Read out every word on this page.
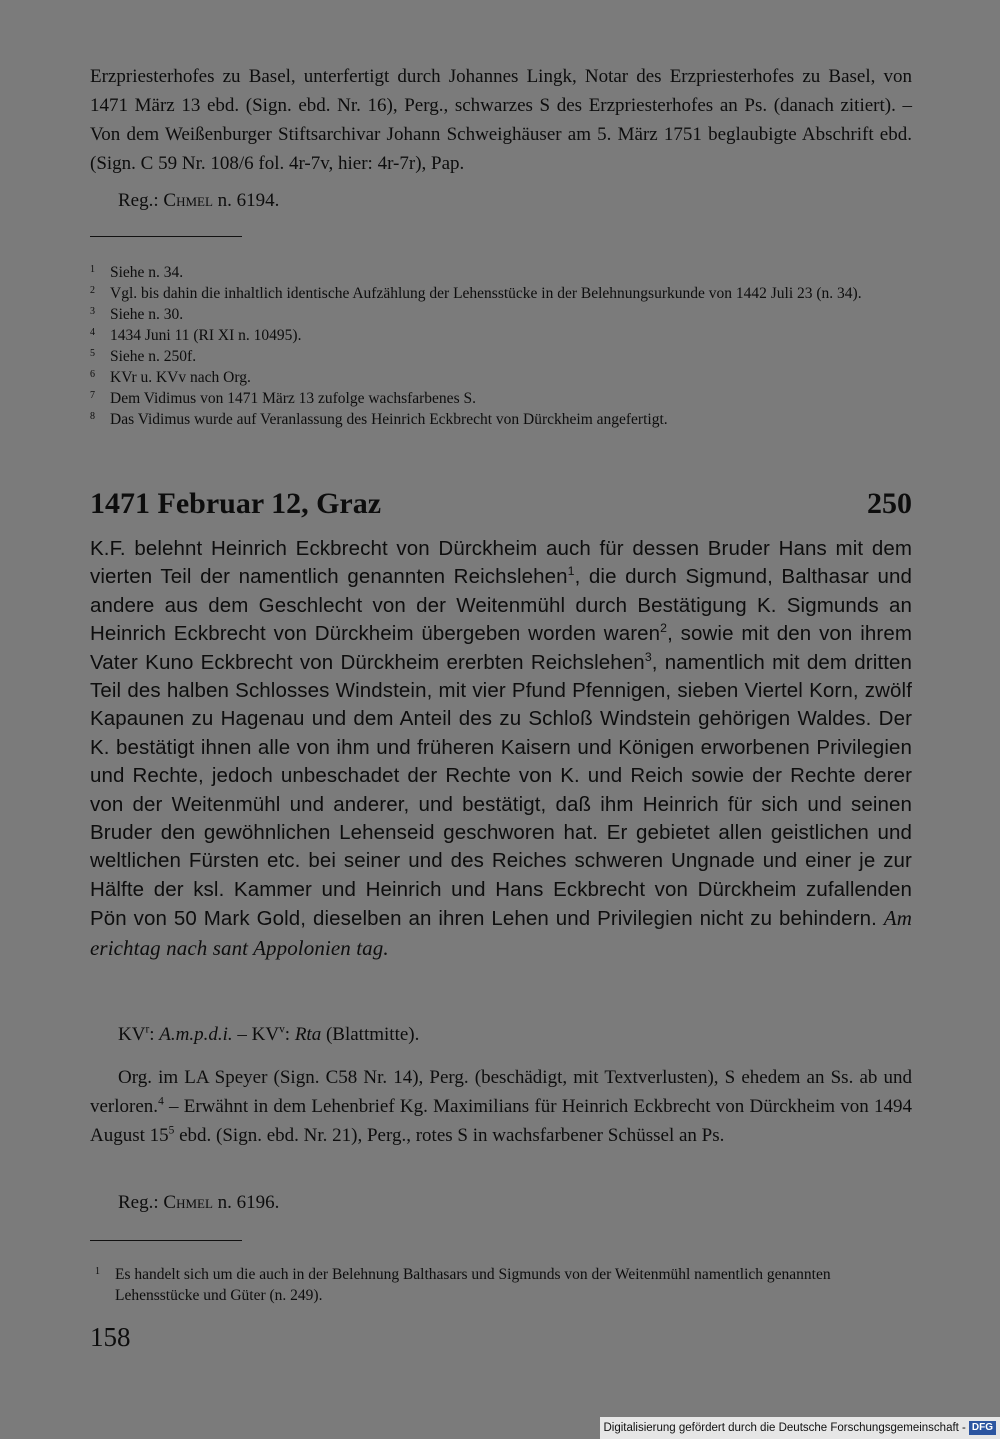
Erzpriesterhofes zu Basel, unterfertigt durch Johannes Lingk, Notar des Erzpriesterhofes zu Basel, von 1471 März 13 ebd. (Sign. ebd. Nr. 16), Perg., schwarzes S des Erzpriesterhofes an Ps. (danach zitiert). – Von dem Weißenburger Stiftsarchivar Johann Schweighäuser am 5. März 1751 beglaubigte Abschrift ebd. (Sign. C 59 Nr. 108/6 fol. 4r-7v, hier: 4r-7r), Pap.

Reg.: Chmel n. 6194.
1 Siehe n. 34.
2 Vgl. bis dahin die inhaltlich identische Aufzählung der Lehensstücke in der Belehnungsurkunde von 1442 Juli 23 (n. 34).
3 Siehe n. 30.
4 1434 Juni 11 (RI XI n. 10495).
5 Siehe n. 250f.
6 KVr u. KVv nach Org.
7 Dem Vidimus von 1471 März 13 zufolge wachsfarbenes S.
8 Das Vidimus wurde auf Veranlassung des Heinrich Eckbrecht von Dürckheim angefertigt.
1471 Februar 12, Graz	250

K.F. belehnt Heinrich Eckbrecht von Dürckheim auch für dessen Bruder Hans mit dem vierten Teil der namentlich genannten Reichslehen$^1$, die durch Sigmund, Balthasar und andere aus dem Geschlecht von der Weitenmühl durch Bestätigung K. Sigmunds an Heinrich Eckbrecht von Dürckheim übergeben worden waren$^2$, sowie mit den von ihrem Vater Kuno Eckbrecht von Dürckheim ererbten Reichslehen$^3$, namentlich mit dem dritten Teil des halben Schlosses Windstein, mit vier Pfund Pfennigen, sieben Viertel Korn, zwölf Kapaunen zu Hagenau und dem Anteil des zu Schloß Windstein gehörigen Waldes. Der K. bestätigt ihnen alle von ihm und früheren Kaisern und Königen erworbenen Privilegien und Rechte, jedoch unbeschadet der Rechte von K. und Reich sowie der Rechte derer von der Weitenmühl und anderer, und bestätigt, daß ihm Heinrich für sich und seinen Bruder den gewöhnlichen Lehenseid geschworen hat. Er gebietet allen geistlichen und weltlichen Fürsten etc. bei seiner und des Reiches schweren Ungnade und einer je zur Hälfte der ksl. Kammer und Heinrich und Hans Eckbrecht von Dürckheim zufallenden Pön von 50 Mark Gold, dieselben an ihren Lehen und Privilegien nicht zu behindern. Am erichtag nach sant Appolonien tag.

$KV^r$: A.m.p.d.i. – $KV^v$: Rta (Blattmitte).

Org. im LA Speyer (Sign. C58 Nr. 14), Perg. (beschädigt, mit Textverlusten), S ehedem an Ss. ab und verloren.$^4$ – Erwähnt in dem Lehenbrief Kg. Maximilians für Heinrich Eckbrecht von Dürckheim von 1494 August $15^5$ ebd. (Sign. ebd. Nr. 21), Perg., rotes S in wachsfarbener Schüssel an Ps.

Reg.: Chmel n. 6196.
1 Es handelt sich um die auch in der Belehnung Balthasars und Sigmunds von der Weitenmühl namentlich genannten Lehensstücke und Güter (n. 249).
158
Digitalisierung gefördert durch die Deutsche Forschungsgemeinschaft - DFG
